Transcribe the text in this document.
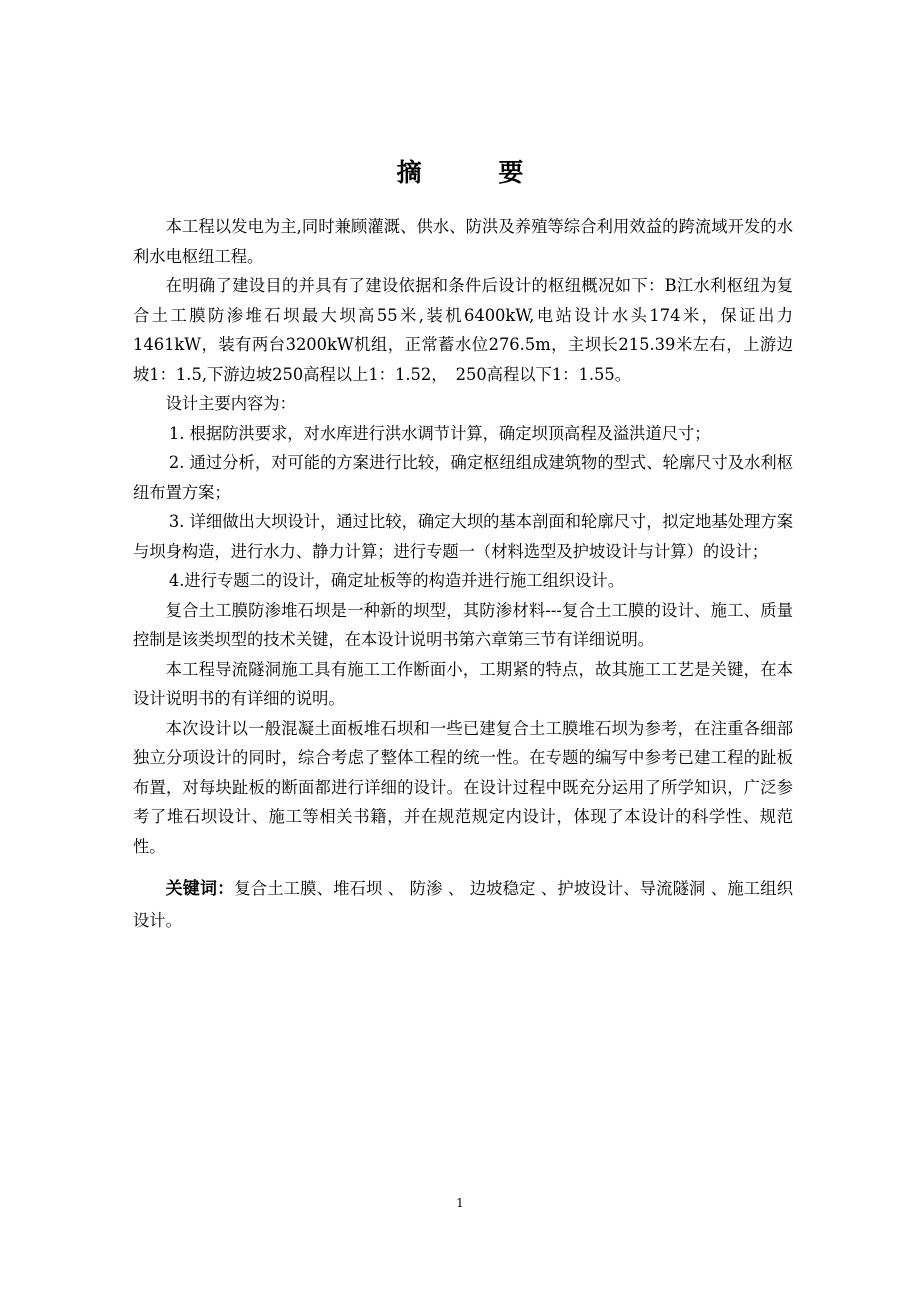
摘 要

本工程以发电为主,同时兼顾灌溉、供水、防洪及养殖等综合利用效益的跨流域开发的水利水电枢纽工程。

在明确了建设目的并具有了建设依据和条件后设计的枢纽概况如下：B江水利枢纽为复合土工膜防渗堆石坝最大坝高55米,装机6400kW,电站设计水头174米，保证出力1461kW，装有两台3200kW机组，正常蓄水位276.5m，主坝长215.39米左右，上游边坡1：1.5,下游边坡250高程以上1：1.52，　250高程以下1：1.55。

设计主要内容为：

1. 根据防洪要求，对水库进行洪水调节计算，确定坝顶高程及溢洪道尺寸；

2. 通过分析，对可能的方案进行比较，确定枢纽组成建筑物的型式、轮廓尺寸及水利枢纽布置方案；

3. 详细做出大坝设计，通过比较，确定大坝的基本剖面和轮廓尺寸，拟定地基处理方案与坝身构造，进行水力、静力计算；进行专题一（材料选型及护坡设计与计算）的设计；

4.进行专题二的设计，确定址板等的构造并进行施工组织设计。

复合土工膜防渗堆石坝是一种新的坝型，其防渗材料---复合土工膜的设计、施工、质量控制是该类坝型的技术关键，在本设计说明书第六章第三节有详细说明。

本工程导流隧洞施工具有施工工作断面小，工期紧的特点，故其施工工艺是关键，在本设计说明书的有详细的说明。

本次设计以一般混凝土面板堆石坝和一些已建复合土工膜堆石坝为参考，在注重各细部独立分项设计的同时，综合考虑了整体工程的统一性。在专题的编写中参考已建工程的趾板布置，对每块趾板的断面都进行详细的设计。在设计过程中既充分运用了所学知识，广泛参考了堆石坝设计、施工等相关书籍，并在规范规定内设计，体现了本设计的科学性、规范性。

关键词：复合土工膜、堆石坝 、 防渗 、 边坡稳定 、护坡设计、导流隧洞 、施工组织设计。

1
